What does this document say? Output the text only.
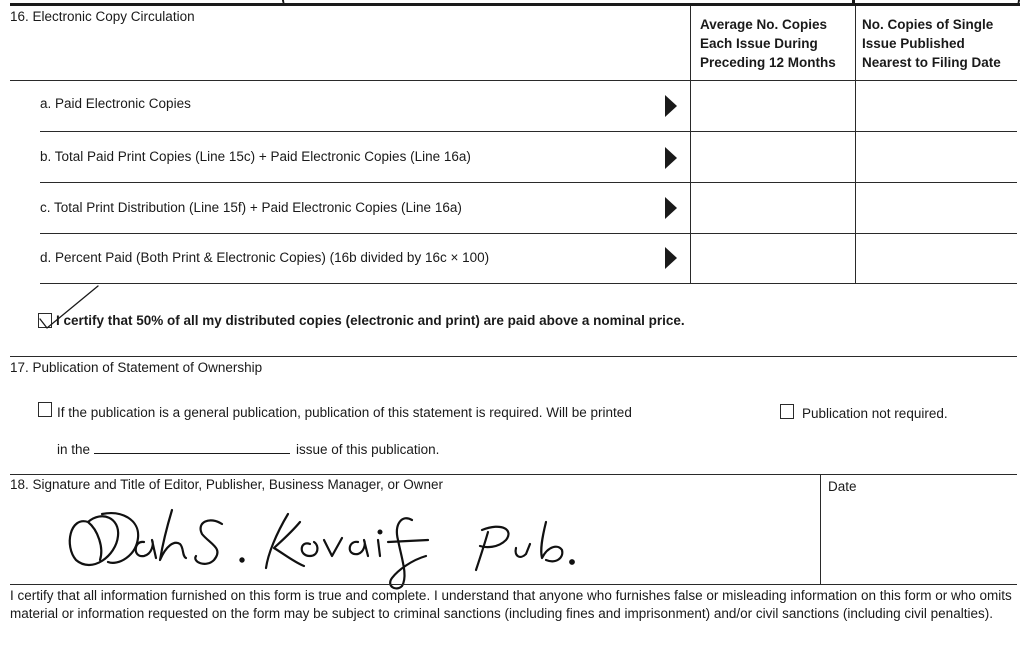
16. Electronic Copy Circulation
Average No. Copies
Each Issue During
Preceding 12 Months
No. Copies of Single
Issue Published
Nearest to Filing Date
a. Paid Electronic Copies
b. Total Paid Print Copies (Line 15c) + Paid Electronic Copies (Line 16a)
c. Total Print Distribution (Line 15f) + Paid Electronic Copies (Line 16a)
d. Percent Paid (Both Print & Electronic Copies) (16b divided by 16c × 100)
I certify that 50% of all my distributed copies (electronic and print) are paid above a nominal price.
17. Publication of Statement of Ownership
If the publication is a general publication, publication of this statement is required. Will be printed	Publication not required.
in the	issue of this publication.
18. Signature and Title of Editor, Publisher, Business Manager, or Owner	Date
I certify that all information furnished on this form is true and complete. I understand that anyone who furnishes false or misleading information on this form or who omits material or information requested on the form may be subject to criminal sanctions (including fines and imprisonment) and/or civil sanctions (including civil penalties).
